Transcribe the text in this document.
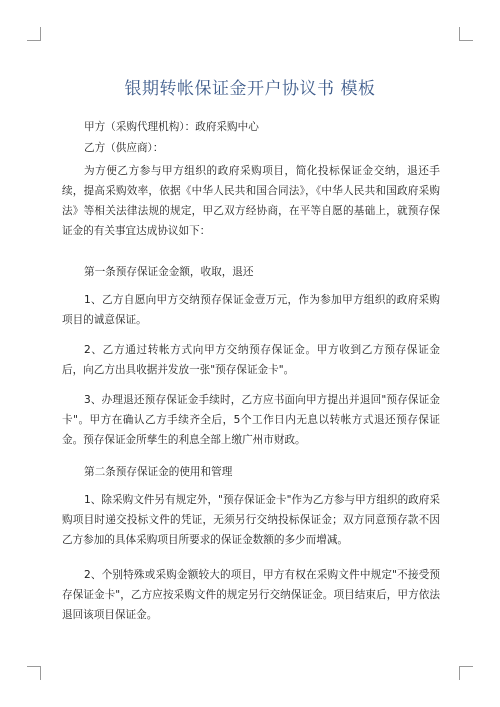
银期转帐保证金开户协议书 模板

甲方（采购代理机构）：政府采购中心

乙方（供应商）：

为方便乙方参与甲方组织的政府采购项目，简化投标保证金交纳，退还手续，提高采购效率，依据《中华人民共和国合同法》，《中华人民共和国政府采购法》等相关法律法规的规定，甲乙双方经协商，在平等自愿的基础上，就预存保证金的有关事宜达成协议如下：

第一条预存保证金金额，收取，退还

1、乙方自愿向甲方交纳预存保证金壹万元，作为参加甲方组织的政府采购项目的诚意保证。

2、乙方通过转帐方式向甲方交纳预存保证金。甲方收到乙方预存保证金后，向乙方出具收据并发放一张"预存保证金卡"。

3、办理退还预存保证金手续时，乙方应书面向甲方提出并退回"预存保证金卡"。甲方在确认乙方手续齐全后，5个工作日内无息以转帐方式退还预存保证金。预存保证金所孳生的利息全部上缴广州市财政。

第二条预存保证金的使用和管理

1、除采购文件另有规定外，"预存保证金卡"作为乙方参与甲方组织的政府采购项目时递交投标文件的凭证，无须另行交纳投标保证金；双方同意预存款不因乙方参加的具体采购项目所要求的保证金数额的多少而增减。

2、个别特殊或采购金额较大的项目，甲方有权在采购文件中规定"不接受预存保证金卡"，乙方应按采购文件的规定另行交纳保证金。项目结束后，甲方依法退回该项目保证金。
